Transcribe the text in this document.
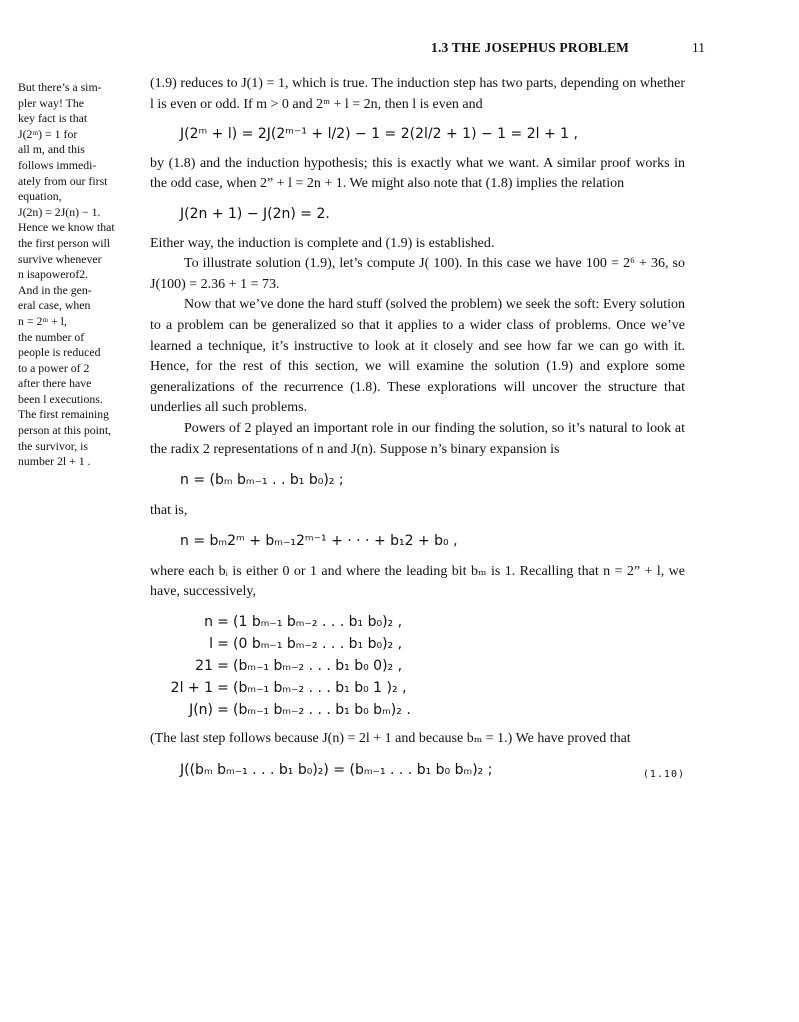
1.3 THE JOSEPHUS PROBLEM	11
But there’s a sim-
pler way! The
key fact is that
J(2ᵐ) = 1 for
all m, and this
follows immedi-
ately from our first
equation,
J(2n) = 2J(n) − 1.
Hence we know that
the first person will
survive whenever
n isapowerof2.
And in the gen-
eral case, when
n = 2ᵐ + l,
the number of
people is reduced
to a power of 2
after there have
been l executions.
The first remaining
person at this point,
the survivor, is
number 2l + 1 .

(1.9) reduces to J(1) = 1, which is true. The induction step has two parts, depending on whether l is even or odd. If m > 0 and 2ᵐ + l = 2n, then l is even and

J(2ᵐ + l) = 2J(2ᵐ⁻¹ + l/2) − 1 = 2(2l/2 + 1) − 1 = 2l + 1 ,

by (1.8) and the induction hypothesis; this is exactly what we want. A similar proof works in the odd case, when 2” + l = 2n + 1. We might also note that (1.8) implies the relation

J(2n + 1) − J(2n) = 2.

Either way, the induction is complete and (1.9) is established.

To illustrate solution (1.9), let’s compute J( 100). In this case we have 100 = 2⁶ + 36, so J(100) = 2.36 + 1 = 73.

Now that we’ve done the hard stuff (solved the problem) we seek the soft: Every solution to a problem can be generalized so that it applies to a wider class of problems. Once we’ve learned a technique, it’s instructive to look at it closely and see how far we can go with it. Hence, for the rest of this section, we will examine the solution (1.9) and explore some generalizations of the recurrence (1.8). These explorations will uncover the structure that underlies all such problems.

Powers of 2 played an important role in our finding the solution, so it’s natural to look at the radix 2 representations of n and J(n). Suppose n’s binary expansion is

n = (bₘ bₘ₋₁ . . b₁ b₀)₂ ;

that is,

n = bₘ2ᵐ + bₘ₋₁2ᵐ⁻¹ + · · · + b₁2 + b₀ ,

where each bᵢ is either 0 or 1 and where the leading bit bₘ is 1. Recalling that n = 2” + l, we have, successively,

n = (1 bₘ₋₁ bₘ₋₂ . . . b₁ b₀)₂ ,
l = (0 bₘ₋₁ bₘ₋₂ . . . b₁ b₀)₂ ,
21 = (bₘ₋₁ bₘ₋₂ . . . b₁ b₀ 0)₂ ,
2l + 1 = (bₘ₋₁ bₘ₋₂ . . . b₁ b₀ 1 )₂ ,
J(n) = (bₘ₋₁ bₘ₋₂ . . . b₁ b₀ bₘ)₂ .

(The last step follows because J(n) = 2l + 1 and because bₘ = 1.) We have proved that

J((bₘ bₘ₋₁ . . . b₁ b₀)₂) = (bₘ₋₁ . . . b₁ b₀ bₘ)₂ ;	(1.10)
